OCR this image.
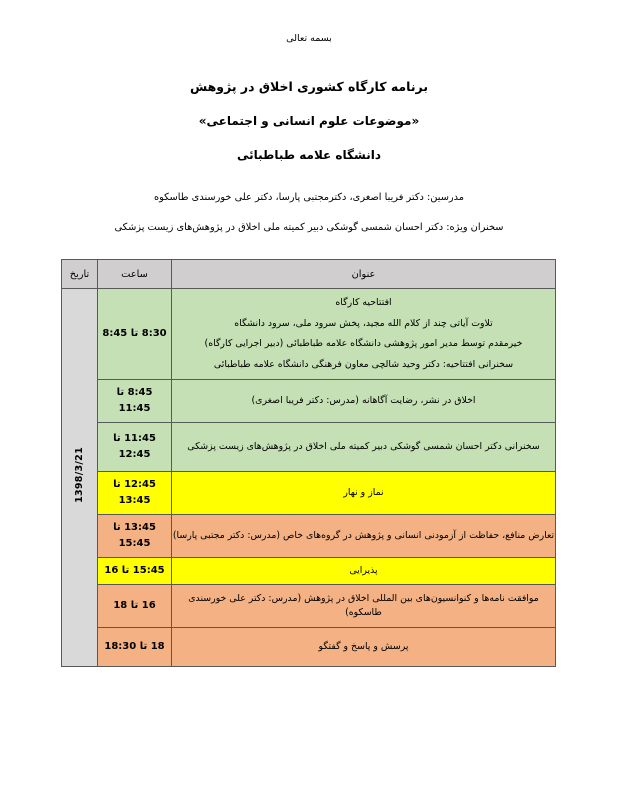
بسمه تعالی
برنامه کارگاه کشوری اخلاق در پژوهش
«موضوعات علوم انسانی و اجتماعی»
دانشگاه علامه طباطبائی
مدرسین: دکتر فریبا اصغری، دکترمجتبی پارسا، دکتر علی خورسندی طاسکوه
سخنران ویژه: دکتر احسان شمسی گوشکی دبیر کمیته ملی اخلاق در پژوهش‌های زیست پزشکی
عنوان	ساعت	تاریخ

افتتاحیه کارگاه
تلاوت آیاتی چند از کلام الله مجید، پخش سرود ملی، سرود دانشگاه
خیرمقدم توسط مدیر امور پژوهشی دانشگاه علامه طباطبائی (دبیر اجرایی کارگاه)
سخنرانی افتتاحیه: دکتر وحید شالچی معاون فرهنگی دانشگاه علامه طباطبائی	8:30 تا 8:45	1398/3/21

اخلاق در نشر، رضایت آگاهانه (مدرس: دکتر فریبا اصغری)	8:45 تا
11:45	

سخنرانی دکتر احسان شمسی گوشکی دبیر کمیته ملی اخلاق در پژوهش‌های زیست پزشکی	11:45 تا
12:45	

نماز و نهار	12:45 تا
13:45	

تعارض منافع، حفاظت از آزمودنی انسانی و پژوهش در گروه‌های خاص (مدرس: دکتر مجتبی پارسا)	13:45 تا
15:45	

پذیرایی	15:45 تا 16	

موافقت نامه‌ها و کنوانسیون‌های بین المللی اخلاق در پژوهش (مدرس: دکتر علی خورسندی طاسکوه)	16 تا 18	

پرسش و پاسخ و گفتگو	18 تا 18:30	
